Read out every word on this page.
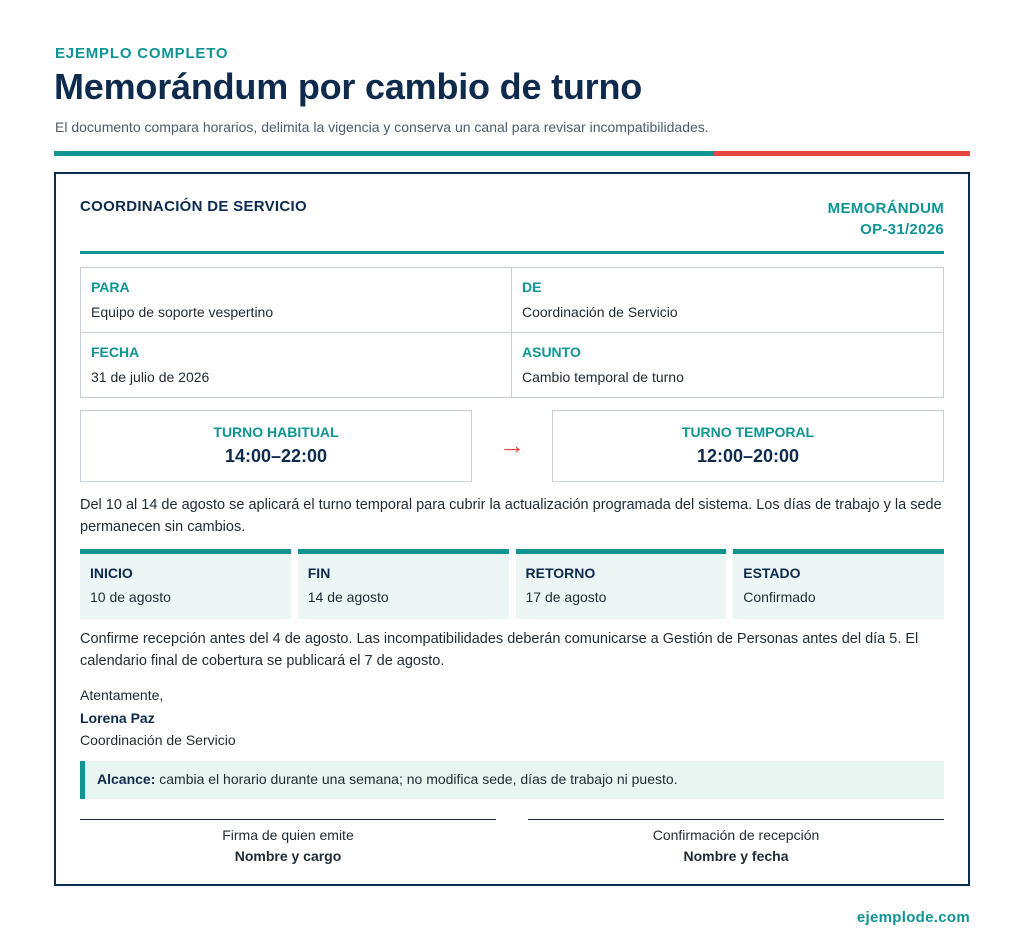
EJEMPLO COMPLETO
Memorándum por cambio de turno

El documento compara horarios, delimita la vigencia y conserva un canal para revisar incompatibilidades.

COORDINACIÓN DE SERVICIO	MEMORÁNDUM
OP-31/2026
PARA
Equipo de soporte vespertino
DE
Coordinación de Servicio
FECHA
31 de julio de 2026
ASUNTO
Cambio temporal de turno
TURNO HABITUAL
14:00–22:00	→	TURNO TEMPORAL
12:00–20:00

Del 10 al 14 de agosto se aplicará el turno temporal para cubrir la actualización programada del sistema. Los días de trabajo y la sede permanecen sin cambios.

INICIO
10 de agosto
FIN
14 de agosto
RETORNO
17 de agosto
ESTADO
Confirmado

Confirme recepción antes del 4 de agosto. Las incompatibilidades deberán comunicarse a Gestión de Personas antes del día 5. El calendario final de cobertura se publicará el 7 de agosto.

Atentamente,
Lorena Paz
Coordinación de Servicio
Alcance: cambia el horario durante una semana; no modifica sede, días de trabajo ni puesto.
Firma de quien emite
Nombre y cargo
Confirmación de recepción
Nombre y fecha
ejemplode.com
